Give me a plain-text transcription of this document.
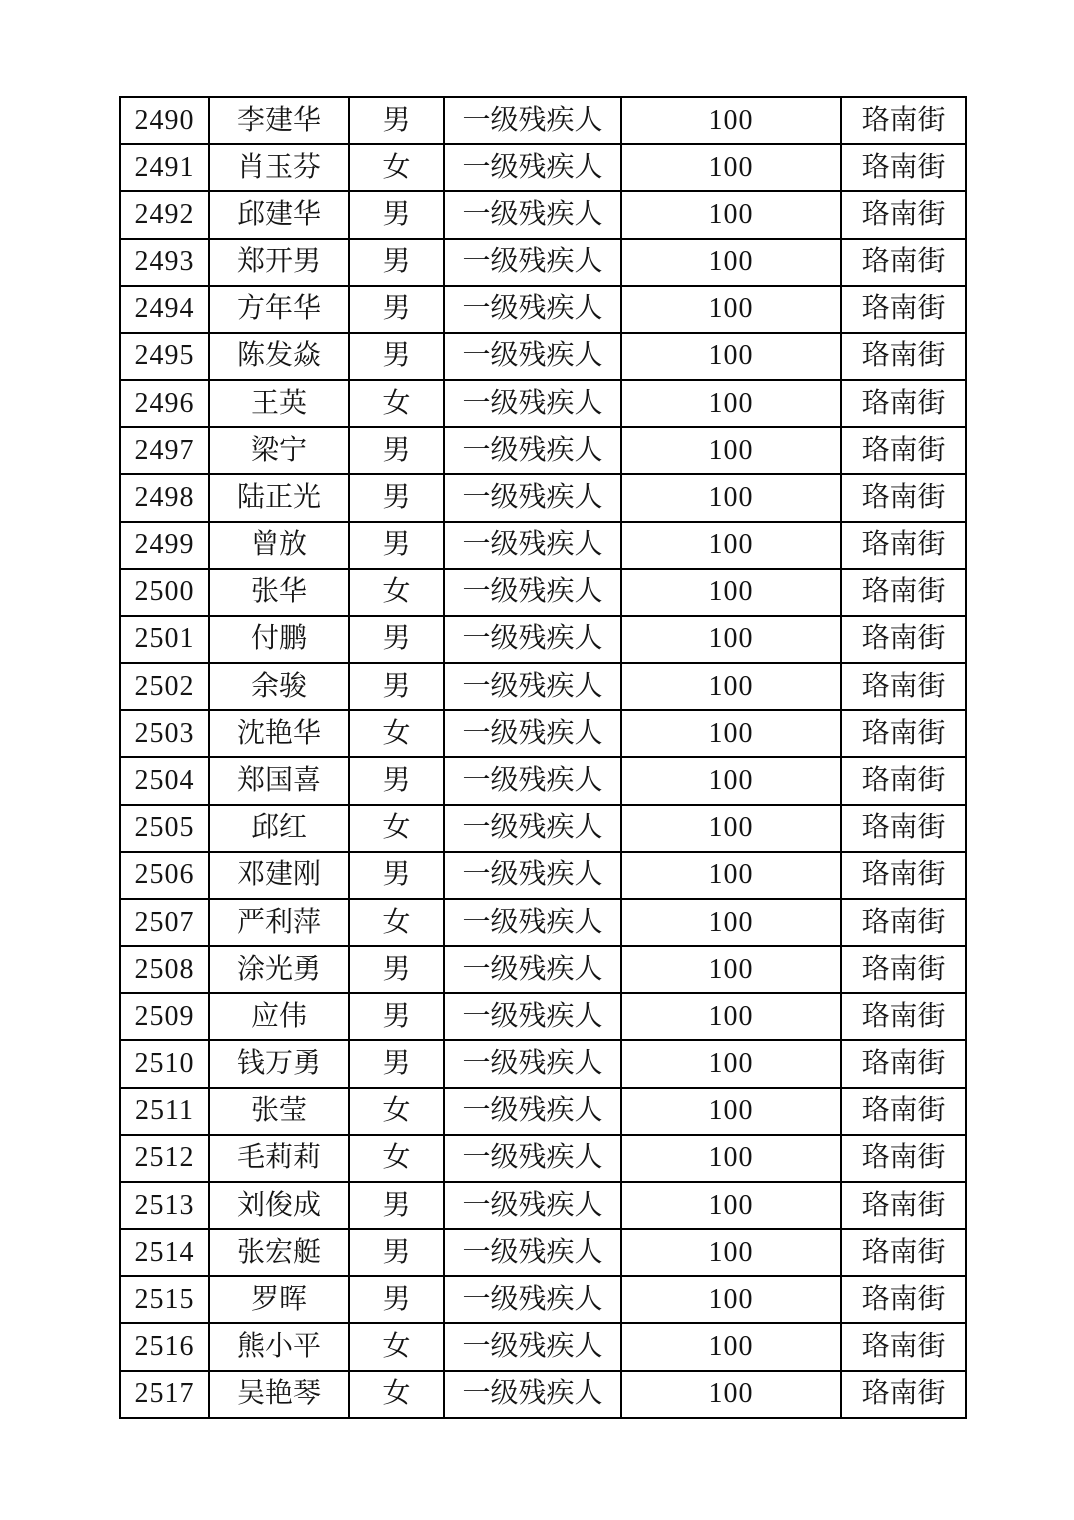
2490	李建华	男	一级残疾人	100	珞南街
2491	肖玉芬	女	一级残疾人	100	珞南街
2492	邱建华	男	一级残疾人	100	珞南街
2493	郑开男	男	一级残疾人	100	珞南街
2494	方年华	男	一级残疾人	100	珞南街
2495	陈发焱	男	一级残疾人	100	珞南街
2496	王英	女	一级残疾人	100	珞南街
2497	梁宁	男	一级残疾人	100	珞南街
2498	陆正光	男	一级残疾人	100	珞南街
2499	曾放	男	一级残疾人	100	珞南街
2500	张华	女	一级残疾人	100	珞南街
2501	付鹏	男	一级残疾人	100	珞南街
2502	余骏	男	一级残疾人	100	珞南街
2503	沈艳华	女	一级残疾人	100	珞南街
2504	郑国喜	男	一级残疾人	100	珞南街
2505	邱红	女	一级残疾人	100	珞南街
2506	邓建刚	男	一级残疾人	100	珞南街
2507	严利萍	女	一级残疾人	100	珞南街
2508	涂光勇	男	一级残疾人	100	珞南街
2509	应伟	男	一级残疾人	100	珞南街
2510	钱万勇	男	一级残疾人	100	珞南街
2511	张莹	女	一级残疾人	100	珞南街
2512	毛莉莉	女	一级残疾人	100	珞南街
2513	刘俊成	男	一级残疾人	100	珞南街
2514	张宏艇	男	一级残疾人	100	珞南街
2515	罗晖	男	一级残疾人	100	珞南街
2516	熊小平	女	一级残疾人	100	珞南街
2517	吴艳琴	女	一级残疾人	100	珞南街
